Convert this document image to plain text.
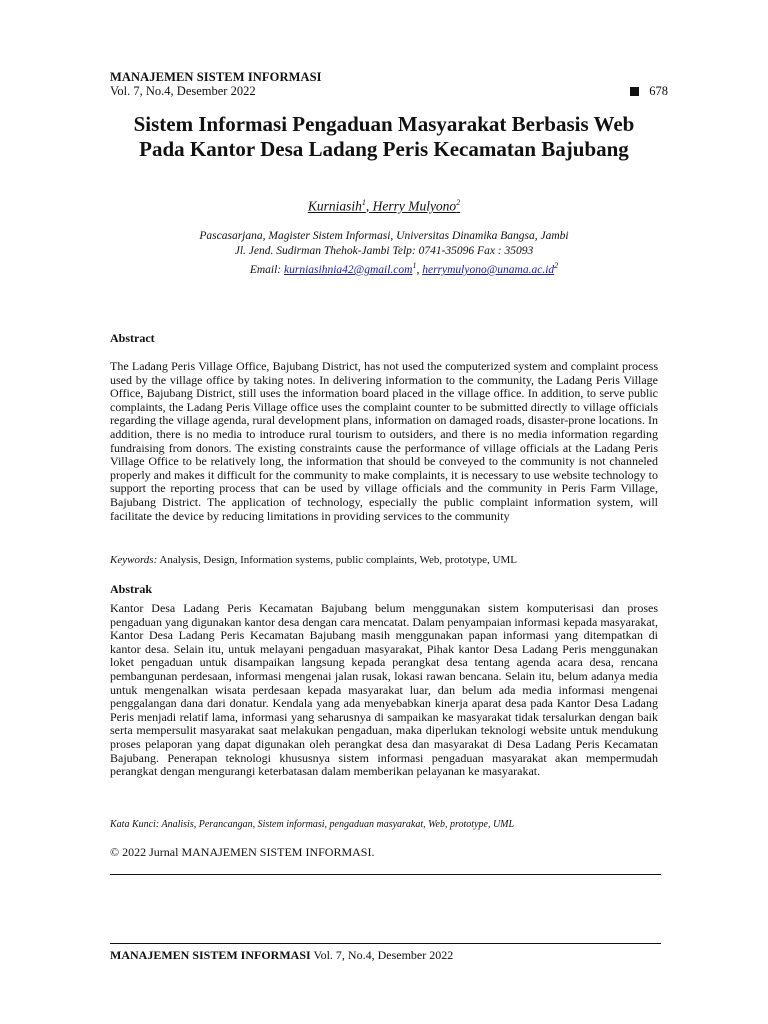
MANAJEMEN SISTEM INFORMASI
Vol. 7, No.4, Desember 2022	678
Sistem Informasi Pengaduan Masyarakat Berbasis Web
Pada Kantor Desa Ladang Peris Kecamatan Bajubang
Kurniasih$^1$, Herry Mulyono$^2$
Pascasarjana, Magister Sistem Informasi, Universitas Dinamika Bangsa, Jambi
Jl. Jend. Sudirman Thehok-Jambi Telp: 0741-35096 Fax : 35093
Email: kurniasihnia42@gmail.com$^1$, $herrymulyono@unama.ac.id^2$
Abstract
The Ladang Peris Village Office, Bajubang District, has not used the computerized system and complaint process used by the village office by taking notes. In delivering information to the community, the Ladang Peris Village Office, Bajubang District, still uses the information board placed in the village office. In addition, to serve public complaints, the Ladang Peris Village office uses the complaint counter to be submitted directly to village officials regarding the village agenda, rural development plans, information on damaged roads, disaster-prone locations. In addition, there is no media to introduce rural tourism to outsiders, and there is no media information regarding fundraising from donors. The existing constraints cause the performance of village officials at the Ladang Peris Village Office to be relatively long, the information that should be conveyed to the community is not channeled properly and makes it difficult for the community to make complaints, it is necessary to use website technology to support the reporting process that can be used by village officials and the community in Peris Farm Village, Bajubang District. The application of technology, especially the public complaint information system, will facilitate the device by reducing limitations in providing services to the community
Keywords: Analysis, Design, Information systems, public complaints, Web, prototype, UML
Abstrak
Kantor Desa Ladang Peris Kecamatan Bajubang belum menggunakan sistem komputerisasi dan proses pengaduan yang digunakan kantor desa dengan cara mencatat. Dalam penyampaian informasi kepada masyarakat, Kantor Desa Ladang Peris Kecamatan Bajubang masih menggunakan papan informasi yang ditempatkan di kantor desa. Selain itu, untuk melayani pengaduan masyarakat, Pihak kantor Desa Ladang Peris menggunakan loket pengaduan untuk disampaikan langsung kepada perangkat desa tentang agenda acara desa, rencana pembangunan perdesaan, informasi mengenai jalan rusak, lokasi rawan bencana. Selain itu, belum adanya media untuk mengenalkan wisata perdesaan kepada masyarakat luar, dan belum ada media informasi mengenai penggalangan dana dari donatur. Kendala yang ada menyebabkan kinerja aparat desa pada Kantor Desa Ladang Peris menjadi relatif lama, informasi yang seharusnya di sampaikan ke masyarakat tidak tersalurkan dengan baik serta mempersulit masyarakat saat melakukan pengaduan, maka diperlukan teknologi website untuk mendukung proses pelaporan yang dapat digunakan oleh perangkat desa dan masyarakat di Desa Ladang Peris Kecamatan Bajubang. Penerapan teknologi khususnya sistem informasi pengaduan masyarakat akan mempermudah perangkat dengan mengurangi keterbatasan dalam memberikan pelayanan ke masyarakat.
Kata Kunci: Analisis, Perancangan, Sistem informasi, pengaduan masyarakat, Web, prototype, UML
© 2022 Jurnal MANAJEMEN SISTEM INFORMASI.
MANAJEMEN SISTEM INFORMASI Vol. 7, No.4, Desember 2022
